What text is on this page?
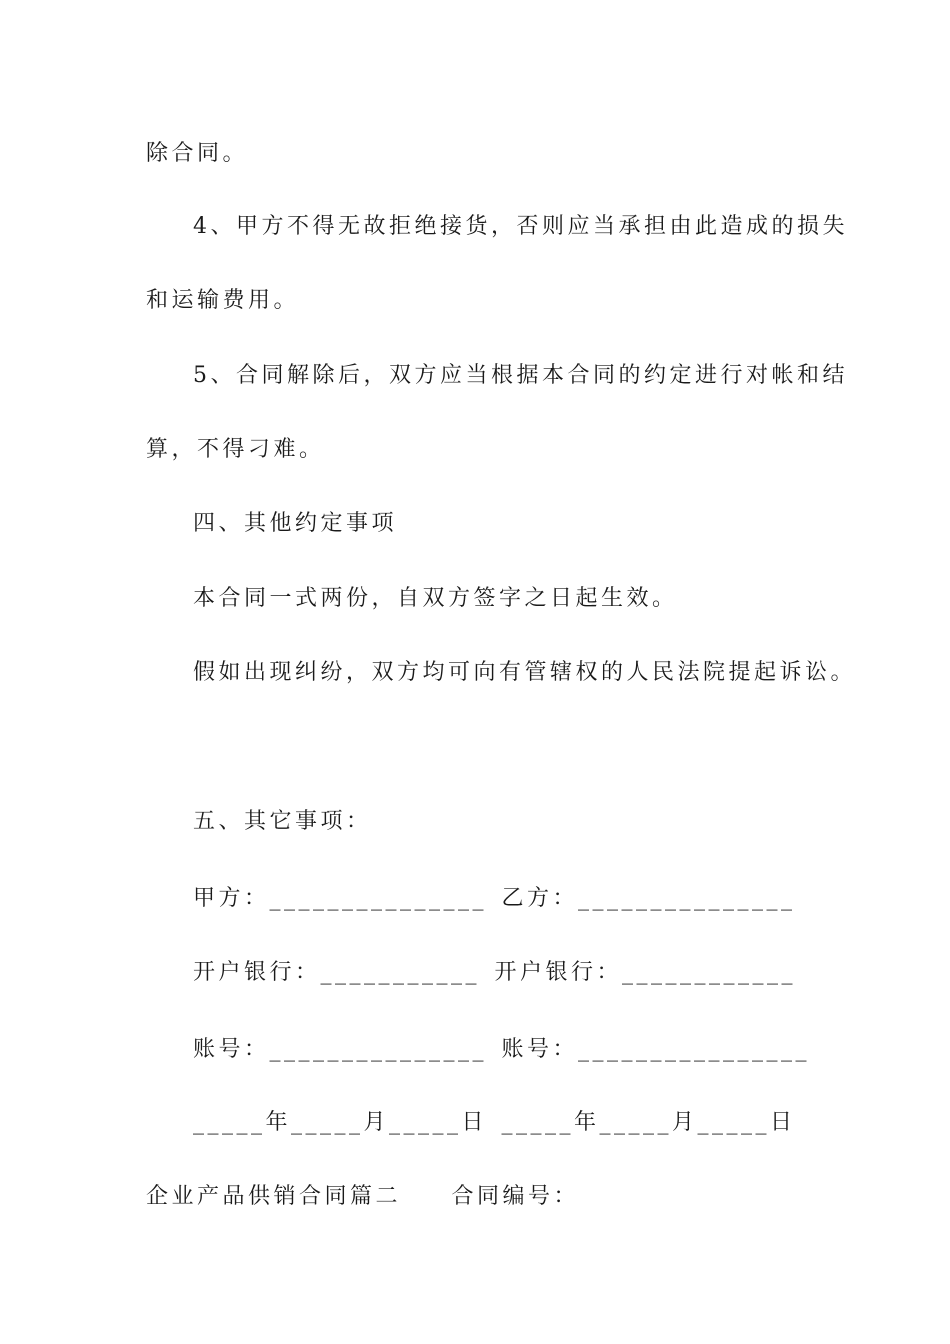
除合同。
4、甲方不得无故拒绝接货，否则应当承担由此造成的损失
和运输费用。
5、合同解除后，双方应当根据本合同的约定进行对帐和结
算，不得刁难。
四、其他约定事项
本合同一式两份，自双方签字之日起生效。
假如出现纠纷，双方均可向有管辖权的人民法院提起诉讼。
五、其它事项：
甲方：_______________ 乙方：_______________
开户银行：___________ 开户银行：____________
账号：_______________ 账号：________________
_____年_____月_____日 _____年_____月_____日
企业产品供销合同篇二 合同编号：
